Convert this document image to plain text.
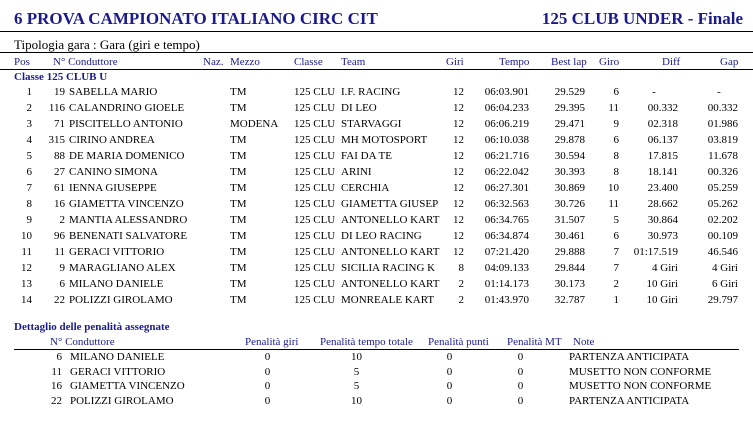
6 PROVA CAMPIONATO ITALIANO CIRC CIT	125 CLUB UNDER - Finale
Tipologia gara : Gara (giri e tempo)
Pos N° Conduttore	Naz. Mezzo	Classe Team	Giri	Tempo Best lap Giro	Diff	Gap
Classe 125 CLUB U
1	19 SABELLA MARIO	TM	125 CLU I.F. RACING	12 06:03.901	29.529	6	-	-
2	116 CALANDRINO GIOELE	TM	125 CLU DI LEO	12 06:04.233	29.395	11	00.332	00.332
3	71 PISCITELLO ANTONIO	MODENA	125 CLU STARVAGGI	12 06:06.219	29.471	9	02.318	01.986
4	315 CIRINO ANDREA	TM	125 CLU MH MOTOSPORT	12 06:10.038	29.878	6	06.137	03.819
5	88 DE MARIA DOMENICO	TM	125 CLU FAI DA TE	12 06:21.716	30.594	8	17.815	11.678
6	27 CANINO SIMONA	TM	125 CLU ARINI	12 06:22.042	30.393	8	18.141	00.326
7	61 IENNA GIUSEPPE	TM	125 CLU CERCHIA	12 06:27.301	30.869	10	23.400	05.259
8	16 GIAMETTA VINCENZO	TM	125 CLU GIAMETTA GIUSEP	12 06:32.563	30.726	11	28.662	05.262
9	2 MANTIA ALESSANDRO	TM	125 CLU ANTONELLO KART	12 06:34.765	31.507	5	30.864	02.202
10	96 BENENATI SALVATORE	TM	125 CLU DI LEO RACING	12 06:34.874	30.461	6	30.973	00.109
11	11 GERACI VITTORIO	TM	125 CLU ANTONELLO KART	12 07:21.420	29.888	7	01:17.519	46.546
12	9 MARAGLIANO ALEX	TM	125 CLU SICILIA RACING K	8 04:09.133	29.844	7	4 Giri	4 Giri
13	6 MILANO DANIELE	TM	125 CLU ANTONELLO KART	2 01:14.173	30.173	2	10 Giri	6 Giri
14	22 POLIZZI GIROLAMO	TM	125 CLU MONREALE KART	2 01:43.970	32.787	1	10 Giri	29.797
Dettaglio delle penalità assegnate
N° Conduttore	Penalità giri Penalità tempo totale Penalità punti Penalità MT Note
6 MILANO DANIELE	0	10	0	0	PARTENZA ANTICIPATA
11 GERACI VITTORIO	0	5	0	0	MUSETTO NON CONFORME
16 GIAMETTA VINCENZO	0	5	0	0	MUSETTO NON CONFORME
22 POLIZZI GIROLAMO	0	10	0	0	PARTENZA ANTICIPATA
